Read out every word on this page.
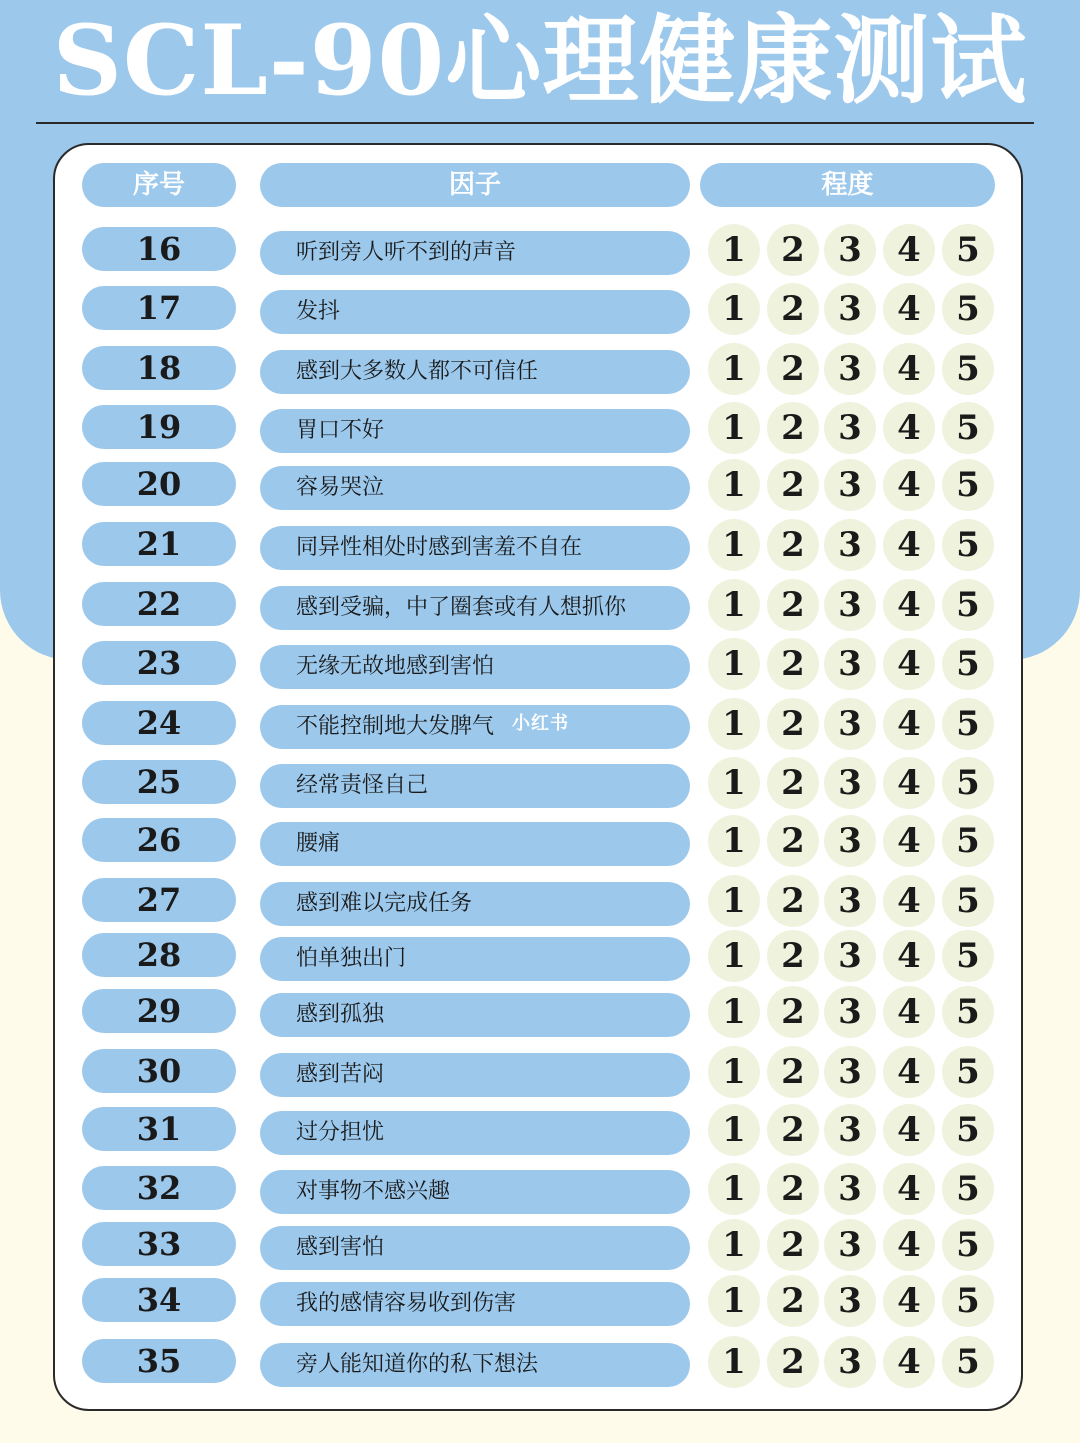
SCL-90心理健康测试
序号	因子	程度
16	听到旁人听不到的声音	1	2 3	4	5
17	发抖	1	2 3	4	5
18	感到大多数人都不可信任	1	2 3	4	5
19	胃口不好	1	2 3	4	5
20	容易哭泣	1	2 3	4	5
21	同异性相处时感到害羞不自在	1	2 3	4	5
22	感到受骗，中了圈套或有人想抓你	1	2 3	4	5
23	无缘无故地感到害怕	1	2 3	4	5
24	不能控制地大发脾气	1	2 3	4	5
25	经常责怪自己	1	2 3	4	5
26	腰痛	1	2 3	4	5
27	感到难以完成任务	1	2 3	4	5
28	怕单独出门	1	2 3	4	5
29	感到孤独	1	2 3	4	5
30	感到苦闷	1	2 3	4	5
31	过分担忧	1	2 3	4	5
32	对事物不感兴趣	1	2 3	4	5
33	感到害怕	1	2 3	4	5
34	我的感情容易收到伤害	1	2 3	4	5
35	旁人能知道你的私下想法	1	2 3	4	5
小红书
